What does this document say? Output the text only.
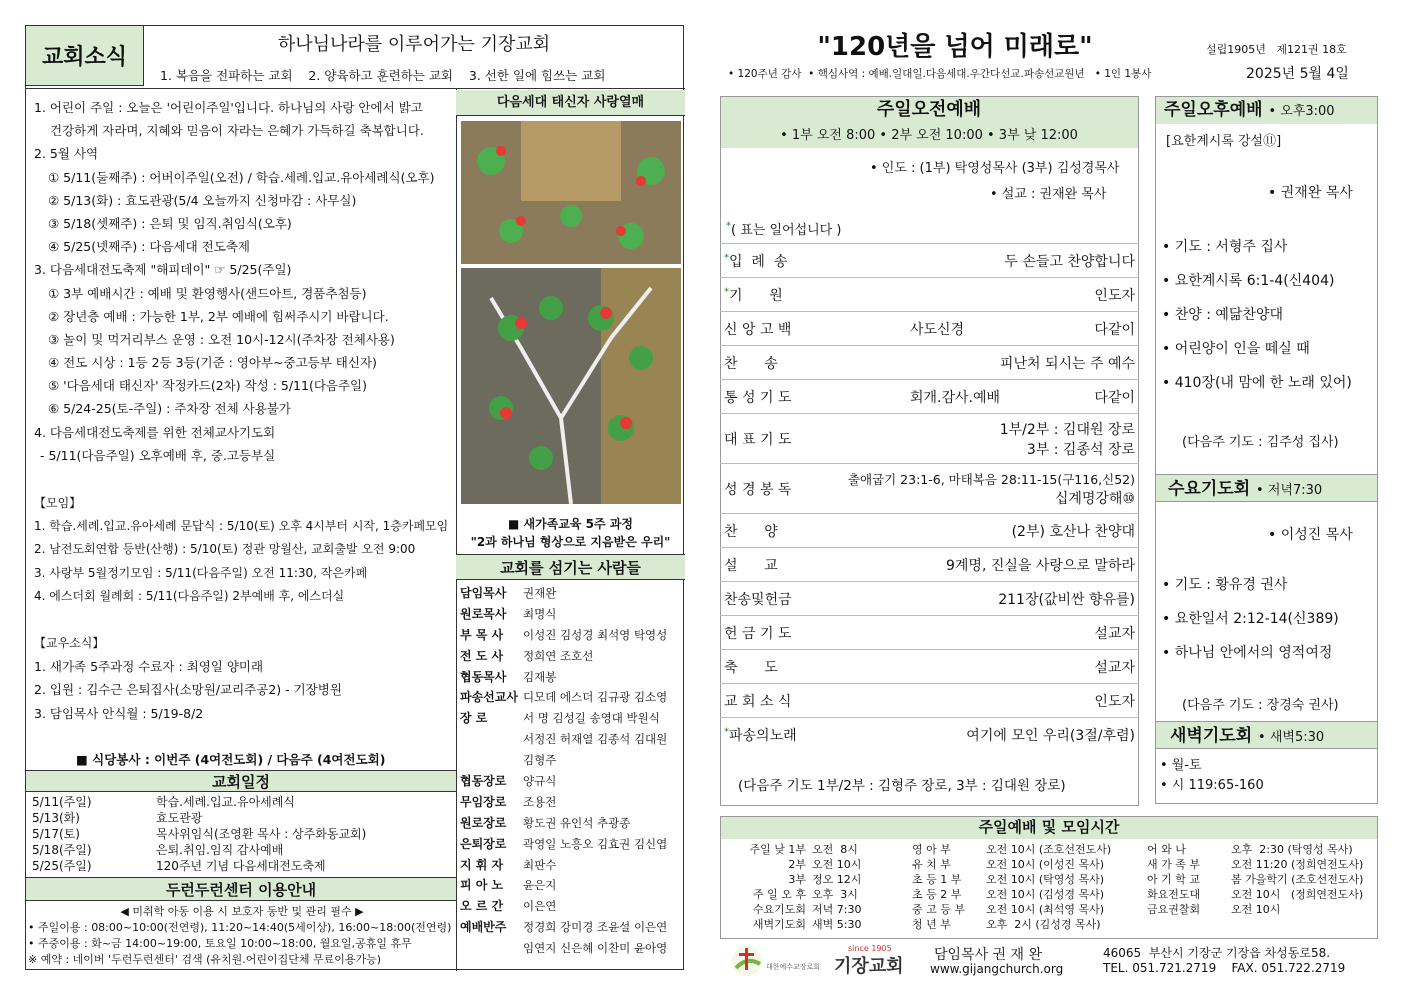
교회소식
하나님나라를 이루어가는 기장교회
1. 복음을 전파하는 교회    2. 양육하고 훈련하는 교회    3. 선한 일에 힘쓰는 교회
1. 어린이 주일 : 오늘은 '어린이주일'입니다. 하나님의 사랑 안에서 밝고
건강하게 자라며, 지혜와 믿음이 자라는 은혜가 가득하길 축복합니다.
2. 5월 사역
① 5/11(둘째주) : 어버이주일(오전) / 학습.세례.입교.유아세례식(오후)
② 5/13(화) : 효도관광(5/4 오늘까지 신청마감 : 사무실)
③ 5/18(셋째주) : 은퇴 및 임직.취임식(오후)
④ 5/25(넷째주) : 다음세대 전도축제
3. 다음세대전도축제 "해피데이" ☞ 5/25(주일)
① 3부 예배시간 : 예배 및 환영행사(샌드아트, 경품추첨등)
② 장년층 예배 : 가능한 1부, 2부 예배에 힘써주시기 바랍니다.
③ 놀이 및 먹거리부스 운영 : 오전 10시-12시(주차장 전체사용)
④ 전도 시상 : 1등 2등 3등(기준 : 영아부~중고등부 태신자)
⑤ '다음세대 태신자' 작정카드(2차) 작성 : 5/11(다음주일)
⑥ 5/24-25(토-주일) : 주차장 전체 사용불가
4. 다음세대전도축제를 위한 전체교사기도회
- 5/11(다음주일) 오후예배 후, 중.고등부실
【모임】
1. 학습.세례.입교.유아세례 문답식 : 5/10(토) 오후 4시부터 시작, 1층카페모임
2. 남전도회연합 등반(산행) : 5/10(토) 정관 망월산, 교회출발 오전 9:00
3. 사랑부 5월정기모임 : 5/11(다음주일) 오전 11:30, 작은카페
4. 에스더회 월례회 : 5/11(다음주일) 2부예배 후, 에스더실
【교우소식】
1. 새가족 5주과정 수료자 : 최영일 양미래
2. 입원 : 김수근 은퇴집사(소망원/교리주공2) - 기장병원
3. 담임목사 안식월 : 5/19-8/2
■ 식당봉사 : 이번주 (4여전도회) / 다음주 (4여전도회)
교회일정
5/11(주일)	학습.세례.입교.유아세례식
5/13(화)	효도관광
5/17(토)	목사위임식(조영환 목사 : 상주화동교회)
5/18(주일)	은퇴.취임.임직 감사예배
5/25(주일)	120주년 기념 다음세대전도축제
두런두런센터 이용안내
◀ 미취학 아동 이용 시 보호자 동반 및 관리 필수 ▶
• 주일이용 : 08:00~10:00(전연령), 11:20~14:40(5세이상), 16:00~18:00(전연령)
• 주중이용 : 화~금 14:00~19:00, 토요일 10:00~18:00, 월요일,공휴일 휴무
※ 예약 : 네이버 '두런두런센터' 검색 (유치원.어린이집단체 무료이용가능)
다음세대 태신자 사랑열매
■ 새가족교육 5주 과정
"2과 하나님 형상으로 지음받은 우리"
교회를 섬기는 사람들
담임목사 권재완
원로목사 최명식
부 목 사 이성진 김성경 최석영 탁영성
전 도 사 정희연 조호선
협동목사 김재봉
파송선교사 디모데 에스더 김규광 김소영
장 로	서 명 김성길 송영대 박원식
서정진 허재열 김종석 김대원
김형주
협동장로 양규식
무임장로 조용전
원로장로 황도권 유인석 추광종
은퇴장로 곽영일 노흥오 김효권 김신엽
지 휘 자 최판수
피 아 노 윤은지
오 르 간 이은연
예배반주 정경희 강미경 조윤설 이은연
임연지 신은혜 이찬미 윤아영
"120년을 넘어 미래로"	설립1905년   제121권 18호
• 120주년 감사  • 핵심사역 : 예배.일대일.다음세대.우간다선교.파송선교원년   • 1인 1봉사	2025년 5월 4일
주일오전예배
• 1부 오전 8:00 • 2부 오전 10:00 • 3부 낮 12:00
• 인도 : (1부) 탁영성목사 (3부) 김성경목사
• 설교 : 권재완 목사
*( 표는 일어섭니다 )
*입  례  송	두 손들고 찬양합니다

*기      원	인도자

신 앙 고 백	사도신경 다같이

찬      송	피난처 되시는 주 예수

통 성 기 도	회개.감사.예배 다같이

대 표 기 도	1부/2부 : 김대원 장로
3부 : 김종석 장로

성 경 봉 독	출애굽기 23:1-6, 마태복음 28:11-15(구116,신52)
십계명강해⑩

찬      양	(2부) 호산나 찬양대

설      교	9계명, 진실을 사랑으로 말하라

찬송및헌금	211장(값비싼 향유를)

헌 금 기 도	설교자

축      도	설교자

교 회 소 식	인도자

*파송의노래	여기에 모인 우리(3절/후렴)
(다음주 기도 1부/2부 : 김형주 장로, 3부 : 김대원 장로)
주일오후예배 • 오후3:00
[요한계시록 강설⑪]
• 권재완 목사
• 기도 : 서형주 집사
• 요한계시록 6:1-4(신404)
• 찬양 : 예닮찬양대
• 어린양이 인을 떼실 때
• 410장(내 맘에 한 노래 있어)
(다음주 기도 : 김주성 집사)
수요기도회 • 저녁7:30
• 이성진 목사
• 기도 : 황유경 권사
• 요한일서 2:12-14(신389)
• 하나님 안에서의 영적여정
(다음주 기도 : 장경숙 권사)
새벽기도회 • 새벽5:30
• 월-토
• 시 119:65-160
주일예배 및 모임시간
주일 낮 1부 오전  8시
2부 오전 10시
3부 정오 12시
주 일 오 후 오후  3시
수요기도회 저녁 7:30
새벽기도회 새벽 5:30
영 아 부	오전 10시 (조호선전도사)
유 치 부	오전 10시 (이성진 목사)
초 등 1 부 오전 10시 (탁영성 목사)
초 등 2 부 오전 10시 (김성경 목사)
중 고 등 부 오전 10시 (최석영 목사)
청 년 부	오후  2시 (김성경 목사)
어 와 나	오후  2:30 (탁영성 목사)
새 가 족 부	오전 11:20 (정희연전도사)
아 기 학 교	봄 가을학기 (조호선전도사)
화요전도대	오전 10시   (정희연전도사)
금요권찰회	오전 10시
대한예수교장로회 기장교회
since 1905	담임목사 권 재 완
www.gijangchurch.org
46065  부산시 기장군 기장읍 차성동로58.
TEL. 051.721.2719    FAX. 051.722.2719
